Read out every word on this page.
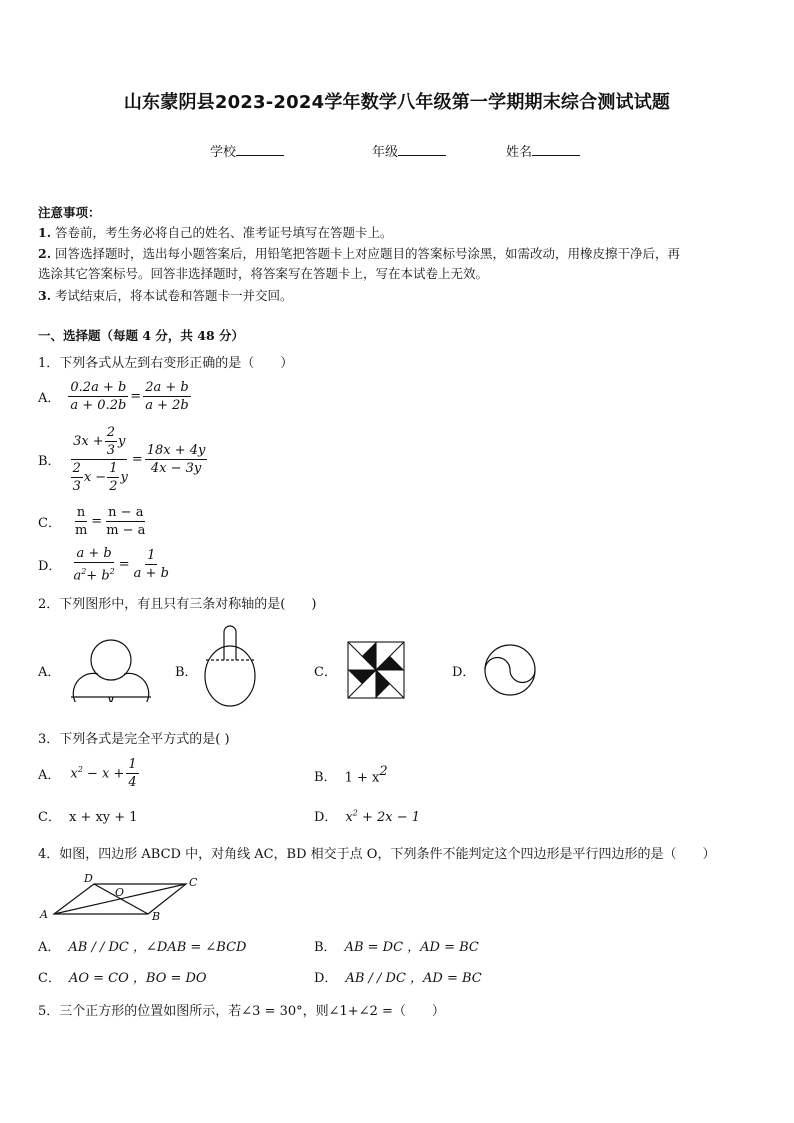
山东蒙阴县2023-2024学年数学八年级第一学期期末综合测试试题
学校	年级	姓名
注意事项：
1. 答卷前，考生务必将自己的姓名、准考证号填写在答题卡上。
2. 回答选择题时，选出每小题答案后，用铅笔把答题卡上对应题目的答案标号涂黑，如需改动，用橡皮擦干净后，再
选涂其它答案标号。回答非选择题时，将答案写在答题卡上，写在本试卷上无效。
3. 考试结束后，将本试卷和答题卡一并交回。
一、选择题（每题 4 分，共 48 分）
1．下列各式从左到右变形正确的是（　　）
A． $\frac{0.2a + b}{a + 0.2b} = \frac{2a + b}{a + 2b}$
B． $\frac{3x + \frac{2}{3} y}{\frac{2}{3} x - \frac{1}{2} y} = \frac{18x + 4y}{4x - 3y}$
C． $\frac{n}{m} = \frac{n - a}{m - a}$
D． $\frac{a + b}{a^2+ b^2} = \frac{1}{a + b}$
2．下列图形中，有且只有三条对称轴的是(　　)
A．	B．	C．	D．
3．下列各式是完全平方式的是( )
A． $x^2 - x + \frac{1}{4}$	B． $1 + x^2$
C． x + xy + 1	D． $x^2 + 2x - 1$
4．如图，四边形 ABCD 中，对角线 AC，BD 相交于点 O，下列条件不能判定这个四边形是平行四边形的是（　　）
A
D	C
B
O
A． AB / / DC ，∠DAB = ∠BCD	B． AB = DC ，AD = BC
C． AO = CO ，BO = DO	D． AB / / DC ，AD = BC
5．三个正方形的位置如图所示，若∠3 = 30°，则∠1+∠2 =（　　）
